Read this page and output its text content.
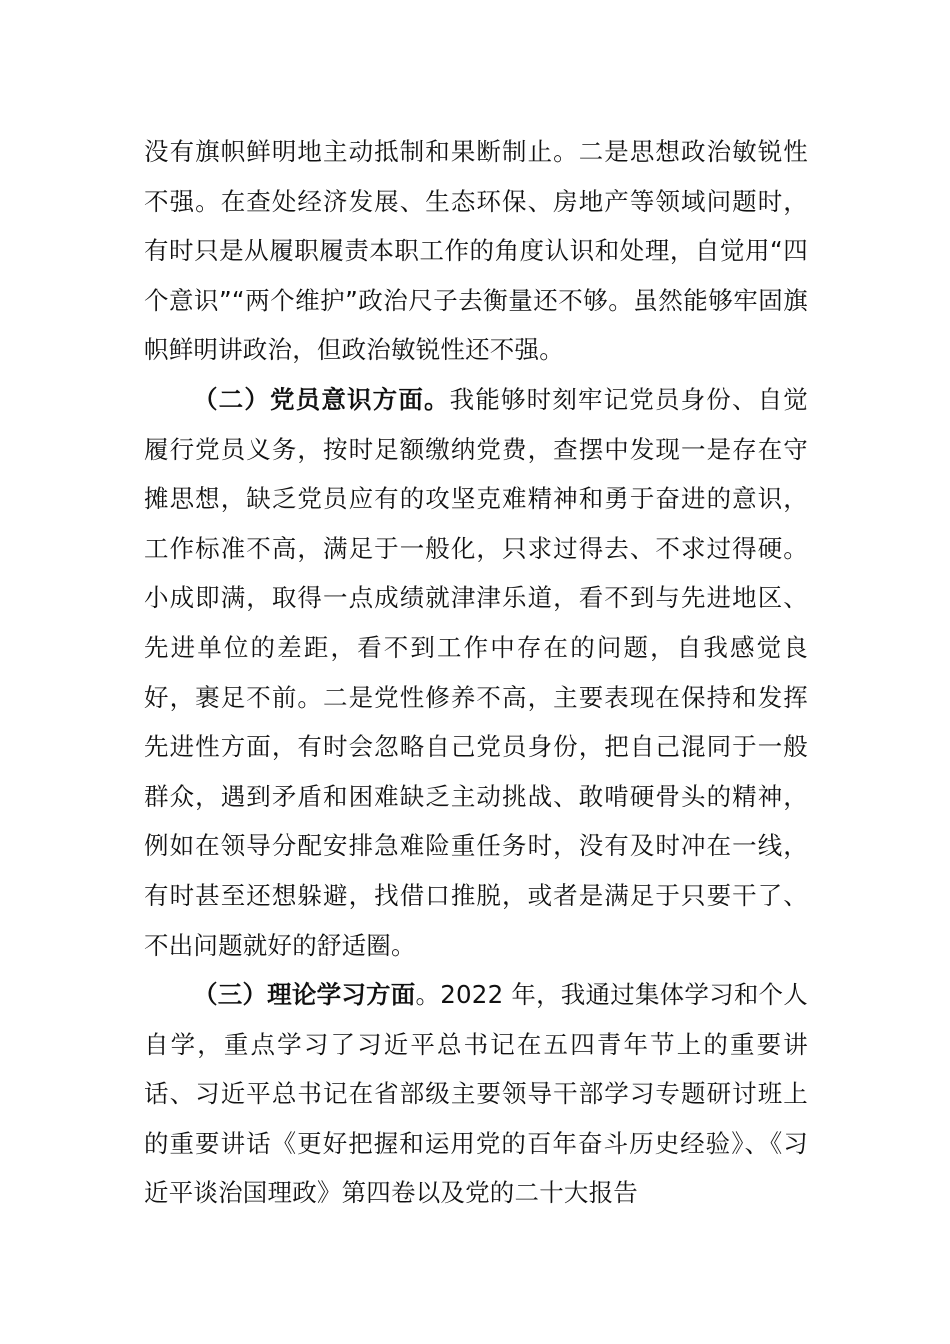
没有旗帜鲜明地主动抵制和果断制止。二是思想政治敏锐性不强。在查处经济发展、生态环保、房地产等领域问题时，有时只是从履职履责本职工作的角度认识和处理，自觉用“四个意识”“两个维护”政治尺子去衡量还不够。虽然能够牢固旗帜鲜明讲政治，但政治敏锐性还不强。

（二）党员意识方面。我能够时刻牢记党员身份、自觉履行党员义务，按时足额缴纳党费，查摆中发现一是存在守摊思想，缺乏党员应有的攻坚克难精神和勇于奋进的意识，工作标准不高，满足于一般化，只求过得去、不求过得硬。小成即满，取得一点成绩就津津乐道，看不到与先进地区、先进单位的差距，看不到工作中存在的问题，自我感觉良好，裹足不前。二是党性修养不高，主要表现在保持和发挥先进性方面，有时会忽略自己党员身份，把自己混同于一般群众，遇到矛盾和困难缺乏主动挑战、敢啃硬骨头的精神，例如在领导分配安排急难险重任务时，没有及时冲在一线，有时甚至还想躲避，找借口推脱，或者是满足于只要干了、不出问题就好的舒适圈。

（三）理论学习方面。2022 年，我通过集体学习和个人自学，重点学习了习近平总书记在五四青年节上的重要讲话、习近平总书记在省部级主要领导干部学习专题研讨班上的重要讲话《更好把握和运用党的百年奋斗历史经验》、《习近平谈治国理政》第四卷以及党的二十大报告
